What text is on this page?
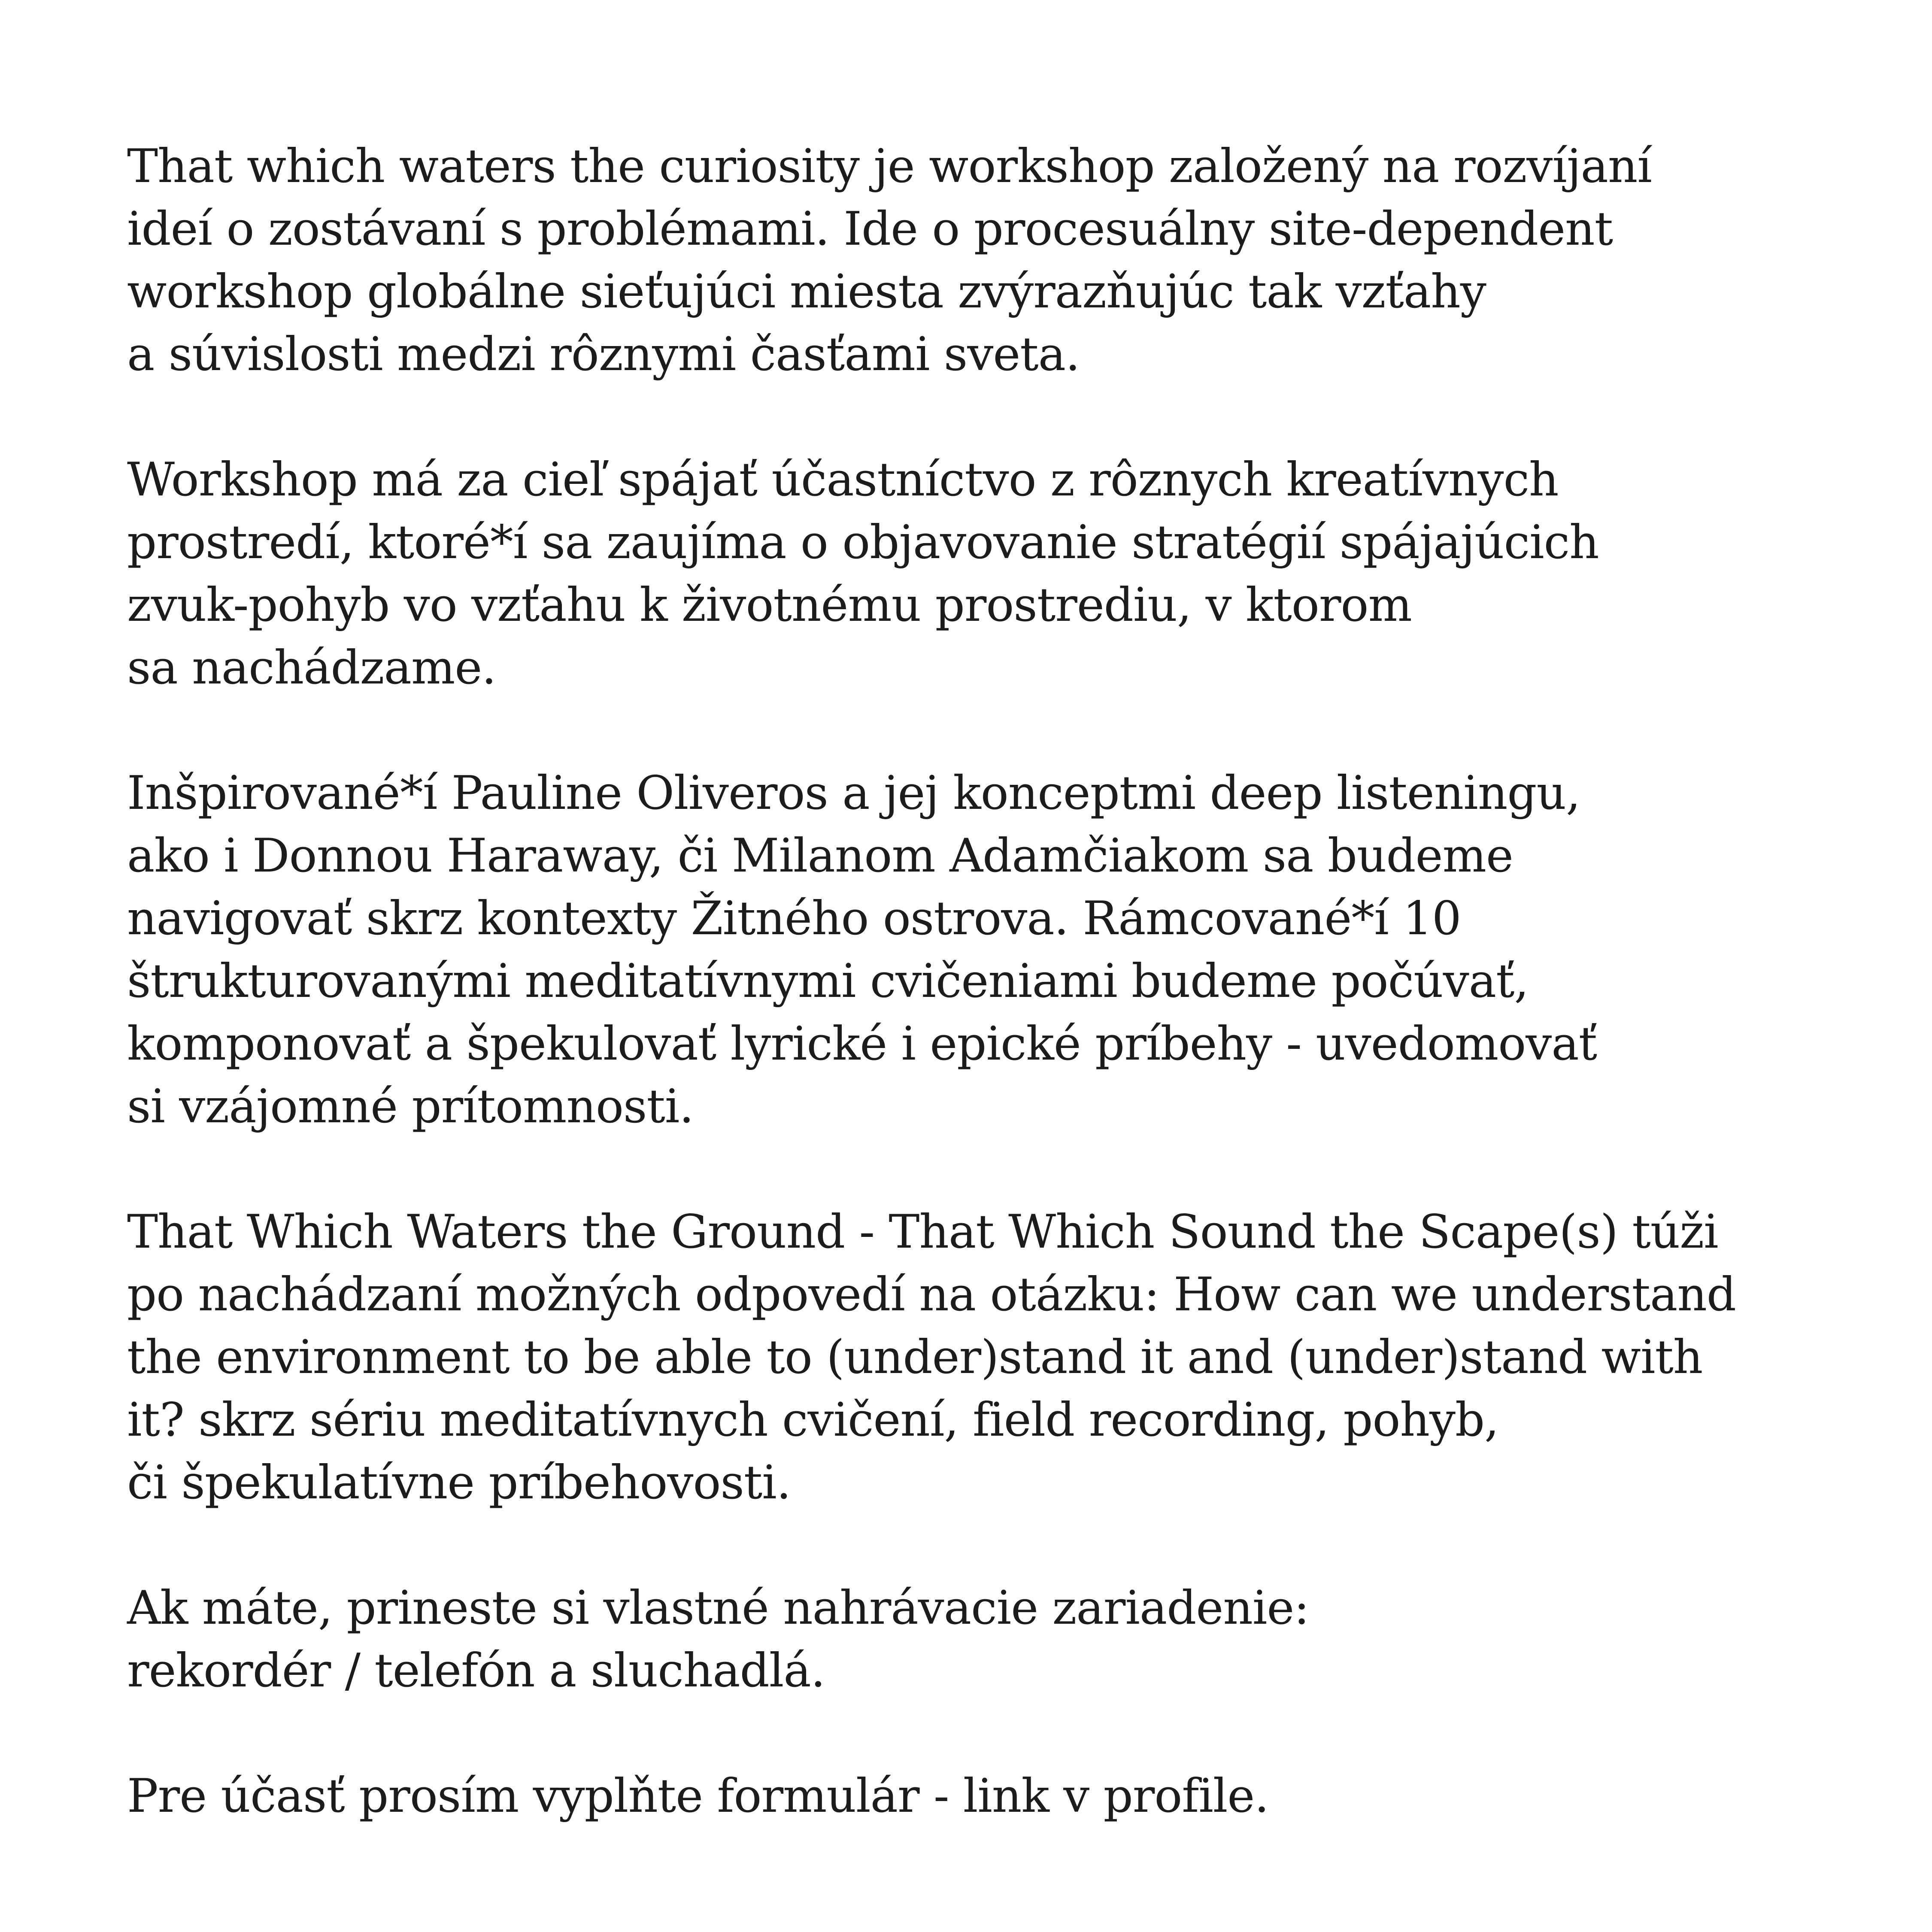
That which waters the curiosity je workshop založený na rozvíjaní
ideí o zostávaní s problémami. Ide o procesuálny site-dependent
workshop globálne sieťujúci miesta zvýrazňujúc tak vzťahy
a súvislosti medzi rôznymi časťami sveta.

Workshop má za cieľ spájať účastníctvo z rôznych kreatívnych
prostredí, ktoré*í sa zaujíma o objavovanie stratégií spájajúcich
zvuk-pohyb vo vzťahu k životnému prostrediu, v ktorom
sa nachádzame.

Inšpirované*í Pauline Oliveros a jej konceptmi deep listeningu,
ako i Donnou Haraway, či Milanom Adamčiakom sa budeme
navigovať skrz kontexty Žitného ostrova. Rámcované*í 10
štrukturovanými meditatívnymi cvičeniami budeme počúvať,
komponovať a špekulovať lyrické i epické príbehy - uvedomovať
si vzájomné prítomnosti.

That Which Waters the Ground - That Which Sound the Scape(s) túži
po nachádzaní možných odpovedí na otázku: How can we understand
the environment to be able to (under)stand it and (under)stand with
it? skrz sériu meditatívnych cvičení, field recording, pohyb,
či špekulatívne príbehovosti.

Ak máte, prineste si vlastné nahrávacie zariadenie:
rekordér / telefón a sluchadlá.

Pre účasť prosím vyplňte formulár - link v profile.
